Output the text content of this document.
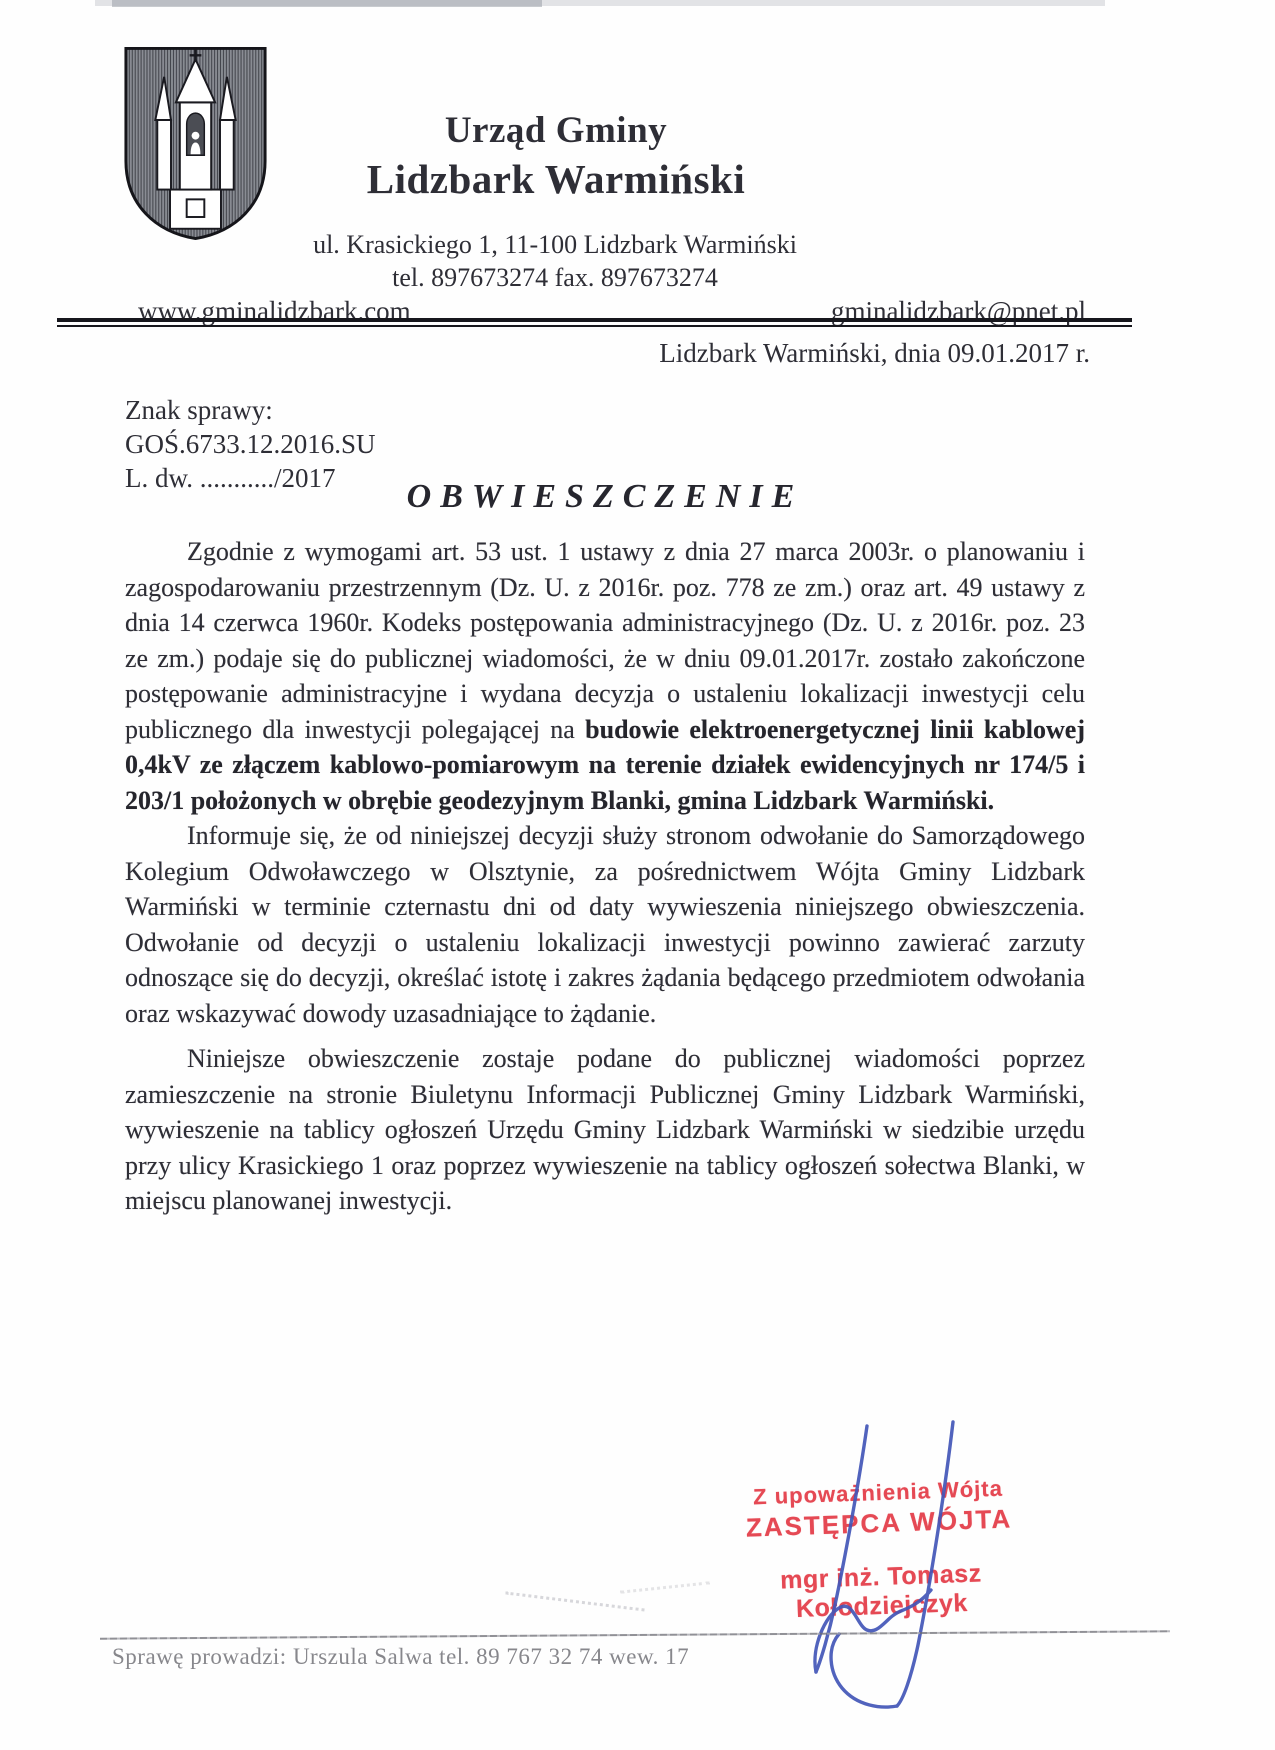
Urząd Gminy
Lidzbark Warmiński
ul. Krasickiego 1, 11-100 Lidzbark Warmiński
tel. 897673274 fax. 897673274
www.gminalidzbark.com	gminalidzbark@pnet.pl
Lidzbark Warmiński, dnia 09.01.2017 r.
Znak sprawy:
GOŚ.6733.12.2016.SU
L. dw. .........../2017	OBWIESZCZENIE

Zgodnie z wymogami art. 53 ust. 1 ustawy z dnia 27 marca 2003r. o planowaniu i zagospodarowaniu przestrzennym (Dz. U. z 2016r. poz. 778 ze zm.) oraz art. 49 ustawy z dnia 14 czerwca 1960r. Kodeks postępowania administracyjnego (Dz. U. z 2016r. poz. 23 ze zm.) podaje się do publicznej wiadomości, że w dniu 09.01.2017r. zostało zakończone postępowanie administracyjne i wydana decyzja o ustaleniu lokalizacji inwestycji celu publicznego dla inwestycji polegającej na budowie elektroenergetycznej linii kablowej 0,4kV ze złączem kablowo-pomiarowym na terenie działek ewidencyjnych nr 174/5 i 203/1 położonych w obrębie geodezyjnym Blanki, gmina Lidzbark Warmiński.

Informuje się, że od niniejszej decyzji służy stronom odwołanie do Samorządowego Kolegium Odwoławczego w Olsztynie, za pośrednictwem Wójta Gminy Lidzbark Warmiński w terminie czternastu dni od daty wywieszenia niniejszego obwieszczenia. Odwołanie od decyzji o ustaleniu lokalizacji inwestycji powinno zawierać zarzuty odnoszące się do decyzji, określać istotę i zakres żądania będącego przedmiotem odwołania oraz wskazywać dowody uzasadniające to żądanie.

Niniejsze obwieszczenie zostaje podane do publicznej wiadomości poprzez zamieszczenie na stronie Biuletynu Informacji Publicznej Gminy Lidzbark Warmiński, wywieszenie na tablicy ogłoszeń Urzędu Gminy Lidzbark Warmiński w siedzibie urzędu przy ulicy Krasickiego 1 oraz poprzez wywieszenie na tablicy ogłoszeń sołectwa Blanki, w miejscu planowanej inwestycji.

Z upoważnienia Wójta
ZASTĘPCA WÓJTA
mgr inż. Tomasz Kołodziejczyk
Sprawę prowadzi: Urszula Salwa tel. 89 767 32 74 wew. 17
